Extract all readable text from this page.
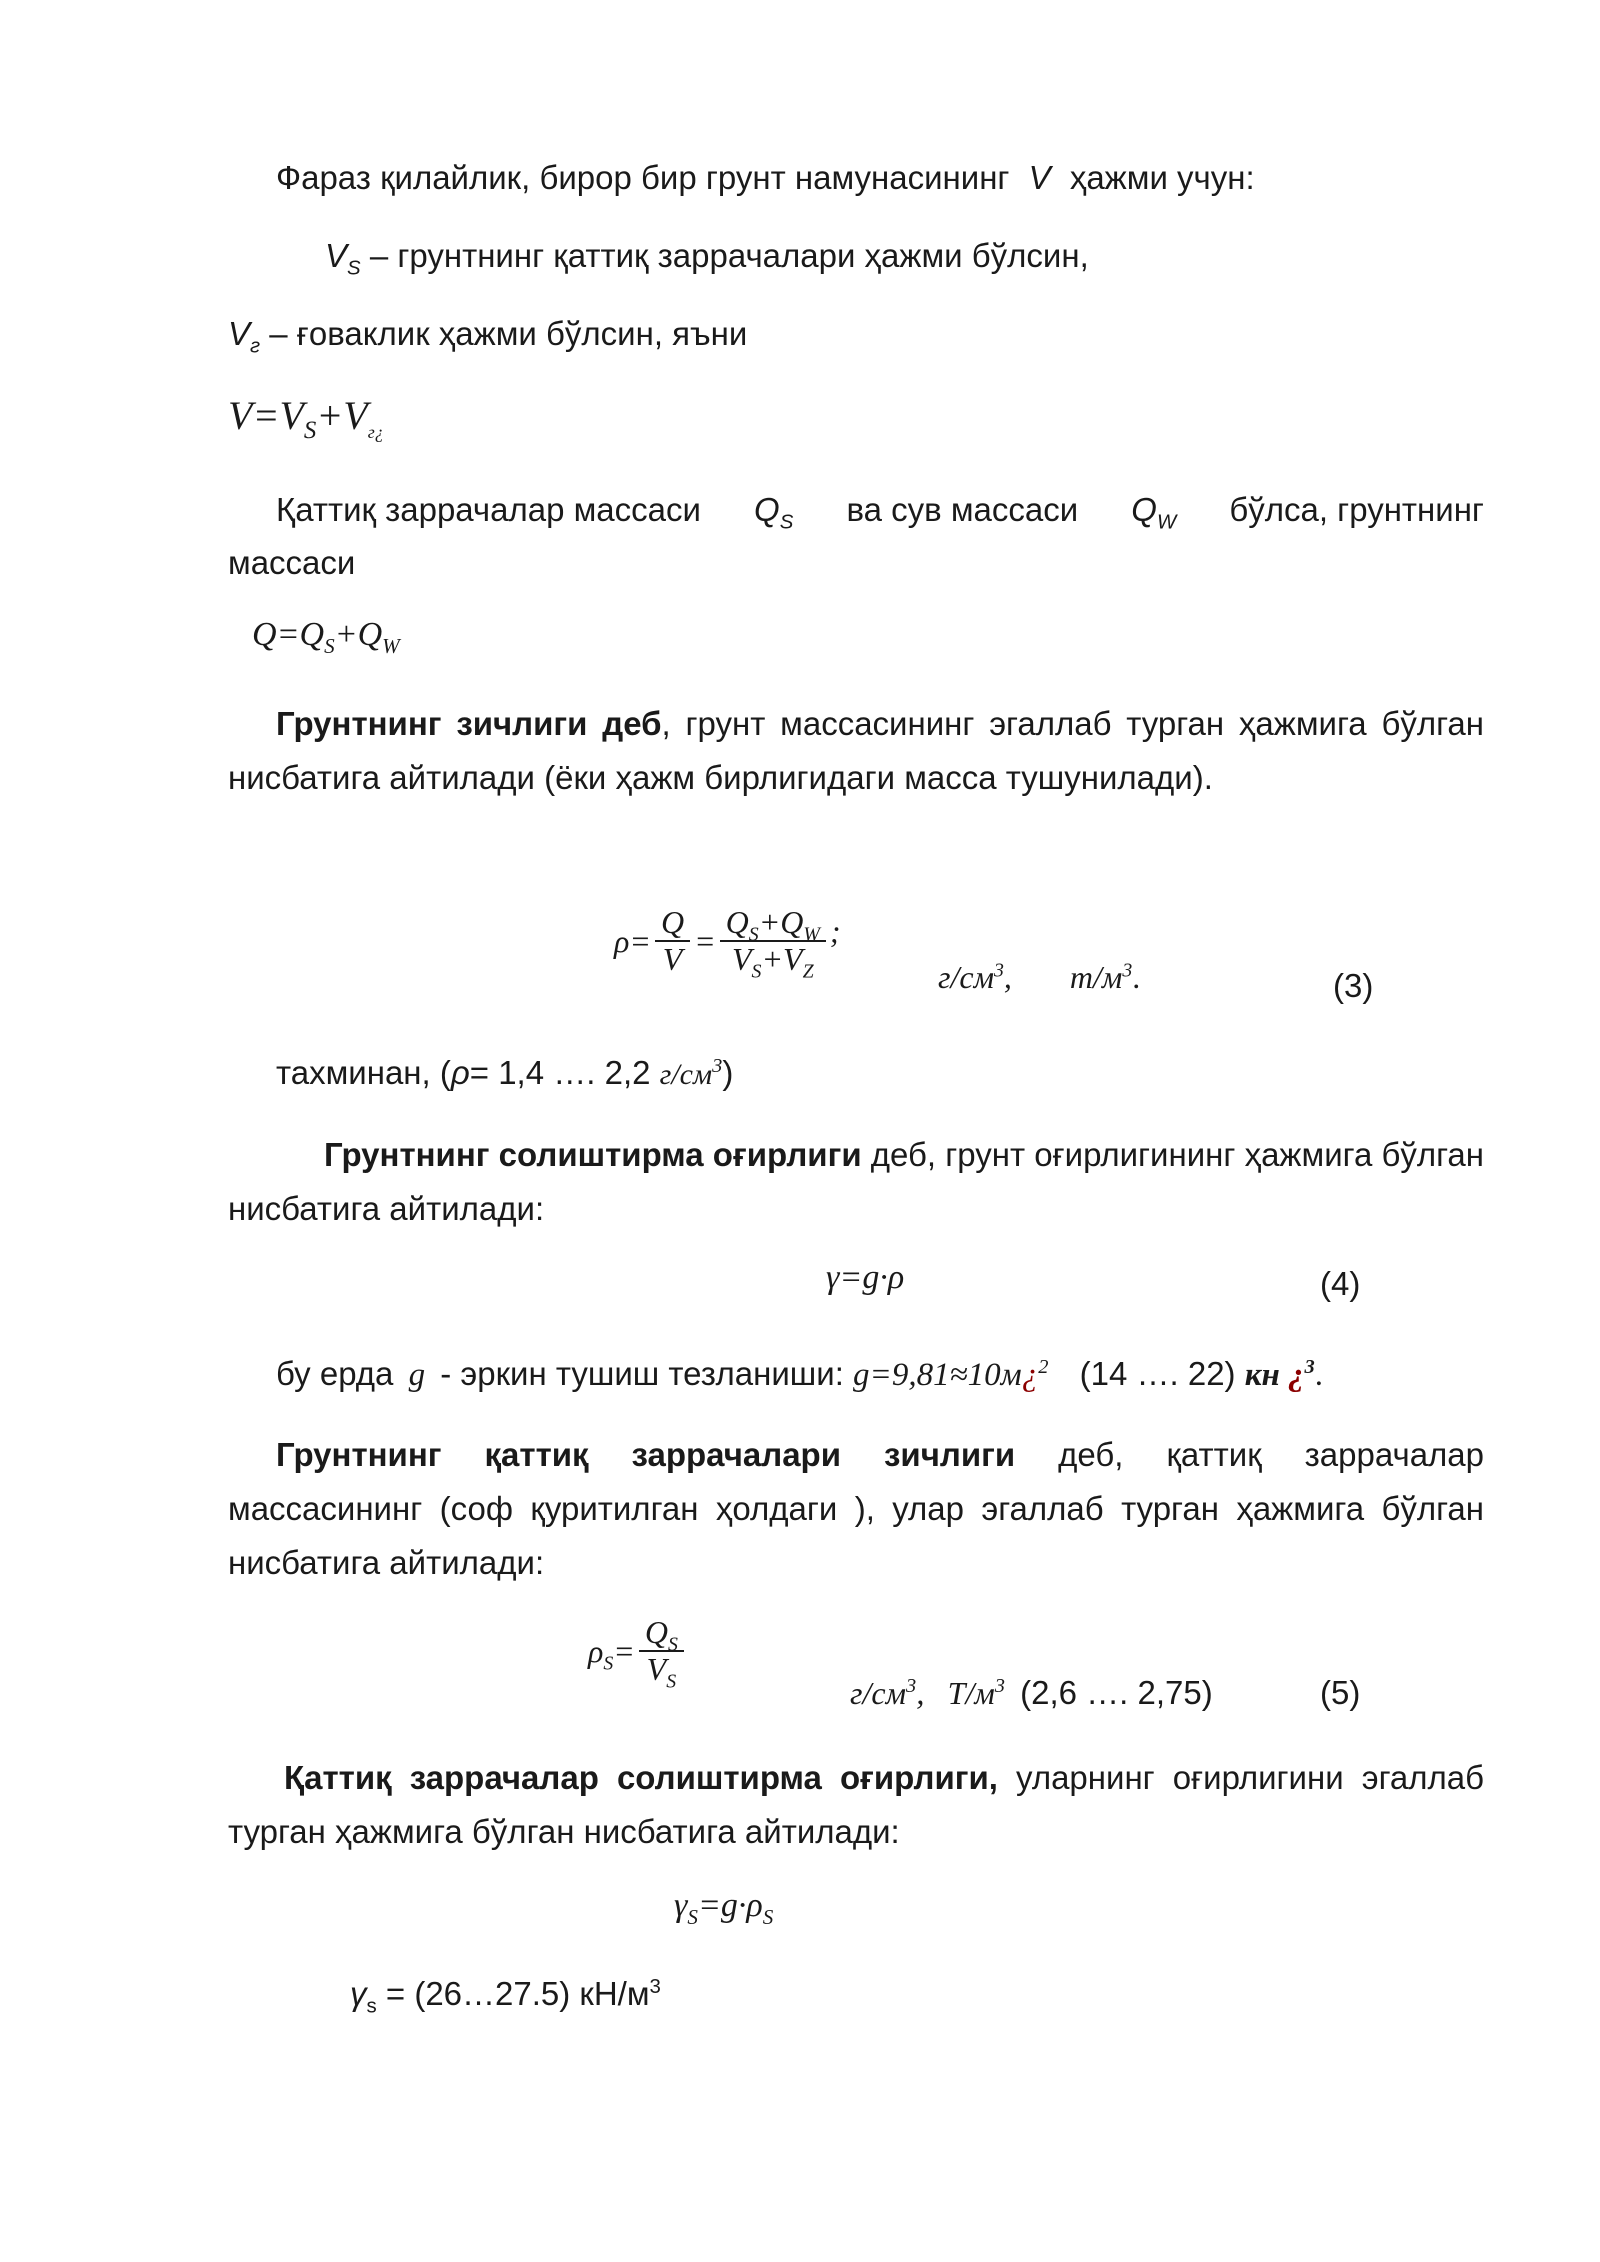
Фараз қилайлик, бирор бир грунт намунасининг V ҳажми учун:
$V_S$ – грунтнинг қаттиқ заррачалари ҳажми бўлсин,
$V_г$ – ғоваклик ҳажми бўлсин, яъни
$V=V_S+V_{г¿}$
Қаттиқ заррачалар массаси $Q_S$ ва сув массаси $Q_W$ бўлса, грунтнинг
массаси
$Q=Q_S+Q_W$
Грунтнинг зичлиги деб, грунт массасининг эгаллаб турган ҳажмига бўлган нисбатига айтилади (ёки ҳажм бирлигидаги масса тушунилади).
$\rho= \frac{Q}{V} = \frac{Q_S+Q_W}{V_S+V_Z}$ ;
$г/см^3$, $m/м^3$.	(3)
тахминан, (ρ= 1,4 …. 2,2 $г/см^3$)
Грунтнинг солиштирма оғирлиги деб, грунт оғирлигининг ҳажмига бўлган нисбатига айтилади:
γ=g·ρ	(4)
бу ерда g - эркин тушиш тезланиши: g=9,81≈10м¿$^2$ (14 …. 22) кн ¿$^3$.
Грунтнинг қаттиқ заррачалари зичлиги деб, қаттиқ заррачалар массасининг (соф қуритилган ҳолдаги ), улар эгаллаб турган ҳажмига бўлган нисбатига айтилади:
$\rho_S = \frac{Q_S}{V_S}$
$г/см^3$, $Т/м^3$ (2,6 …. 2,75)	(5)
Қаттиқ заррачалар солиштирма оғирлиги, уларнинг оғирлигини эгаллаб турган ҳажмига бўлган нисбатига айтилади:
$\gamma_S=g\cdot\rho_S$
$\gamma_s$ = (26…27.5) $кН/м^3$
